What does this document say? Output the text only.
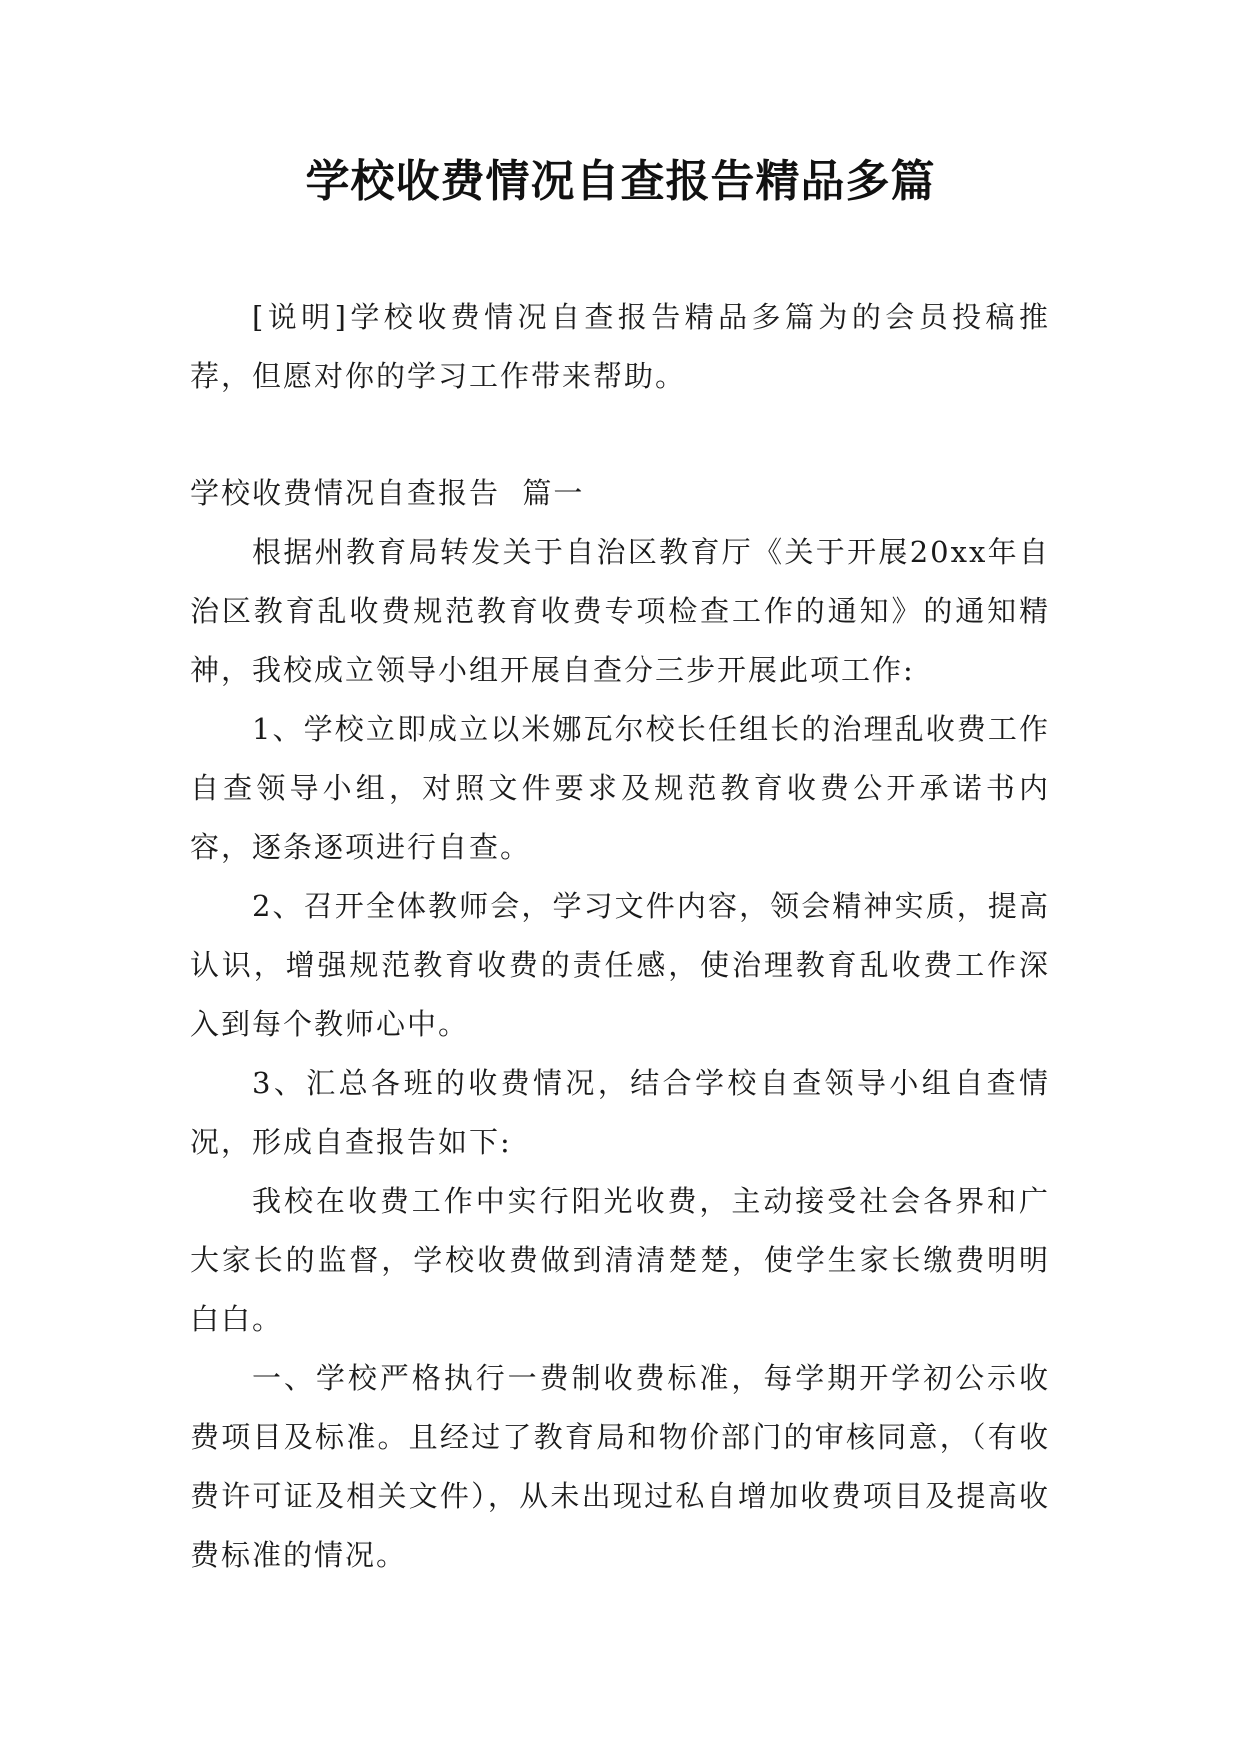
学校收费情况自查报告精品多篇

[说明]学校收费情况自查报告精品多篇为的会员投稿推荐，但愿对你的学习工作带来帮助。

学校收费情况自查报告  篇一

根据州教育局转发关于自治区教育厅《关于开展20xx年自治区教育乱收费规范教育收费专项检查工作的通知》的通知精神，我校成立领导小组开展自查分三步开展此项工作:

1、学校立即成立以米娜瓦尔校长任组长的治理乱收费工作自查领导小组，对照文件要求及规范教育收费公开承诺书内容，逐条逐项进行自查。

2、召开全体教师会，学习文件内容，领会精神实质，提高认识，增强规范教育收费的责任感，使治理教育乱收费工作深入到每个教师心中。

3、汇总各班的收费情况，结合学校自查领导小组自查情况，形成自查报告如下:

我校在收费工作中实行阳光收费，主动接受社会各界和广大家长的监督，学校收费做到清清楚楚，使学生家长缴费明明白白。

一、学校严格执行一费制收费标准，每学期开学初公示收费项目及标准。且经过了教育局和物价部门的审核同意，（有收费许可证及相关文件），从未出现过私自增加收费项目及提高收费标准的情况。
